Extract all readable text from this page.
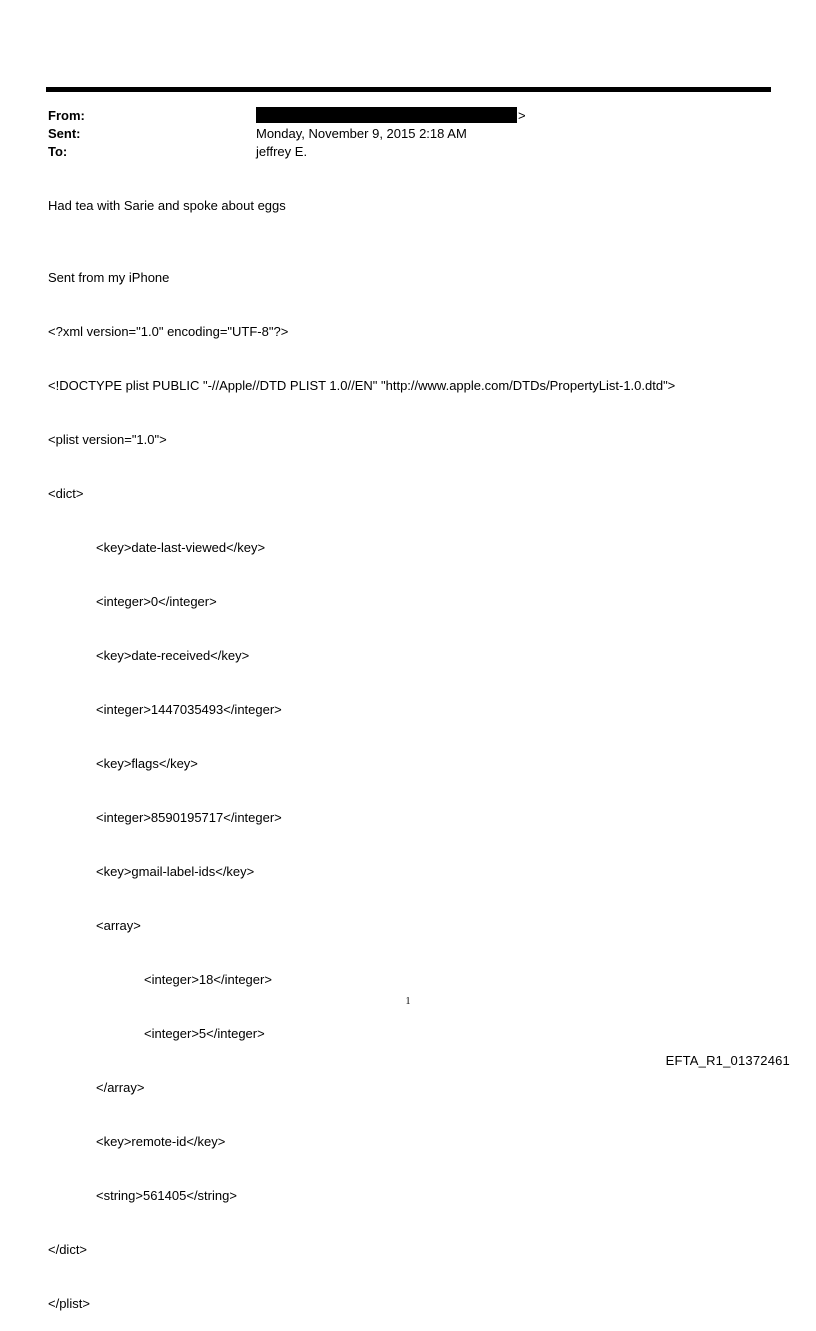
From:	>
Sent:	Monday, November 9, 2015 2:18 AM
To:	jeffrey E.
Had tea with Sarie and spoke about eggs

Sent from my iPhone

<?xml version="1.0" encoding="UTF-8"?>

<!DOCTYPE plist PUBLIC "-//Apple//DTD PLIST 1.0//EN" "http://www.apple.com/DTDs/PropertyList-1.0.dtd">

<plist version="1.0">

<dict>

<key>date-last-viewed</key>

<integer>0</integer>

<key>date-received</key>

<integer>1447035493</integer>

<key>flags</key>

<integer>8590195717</integer>

<key>gmail-label-ids</key>

<array>

<integer>18</integer>

<integer>5</integer>

</array>

<key>remote-id</key>

<string>561405</string>

</dict>

</plist>

1
EFTA_R1_01372461
